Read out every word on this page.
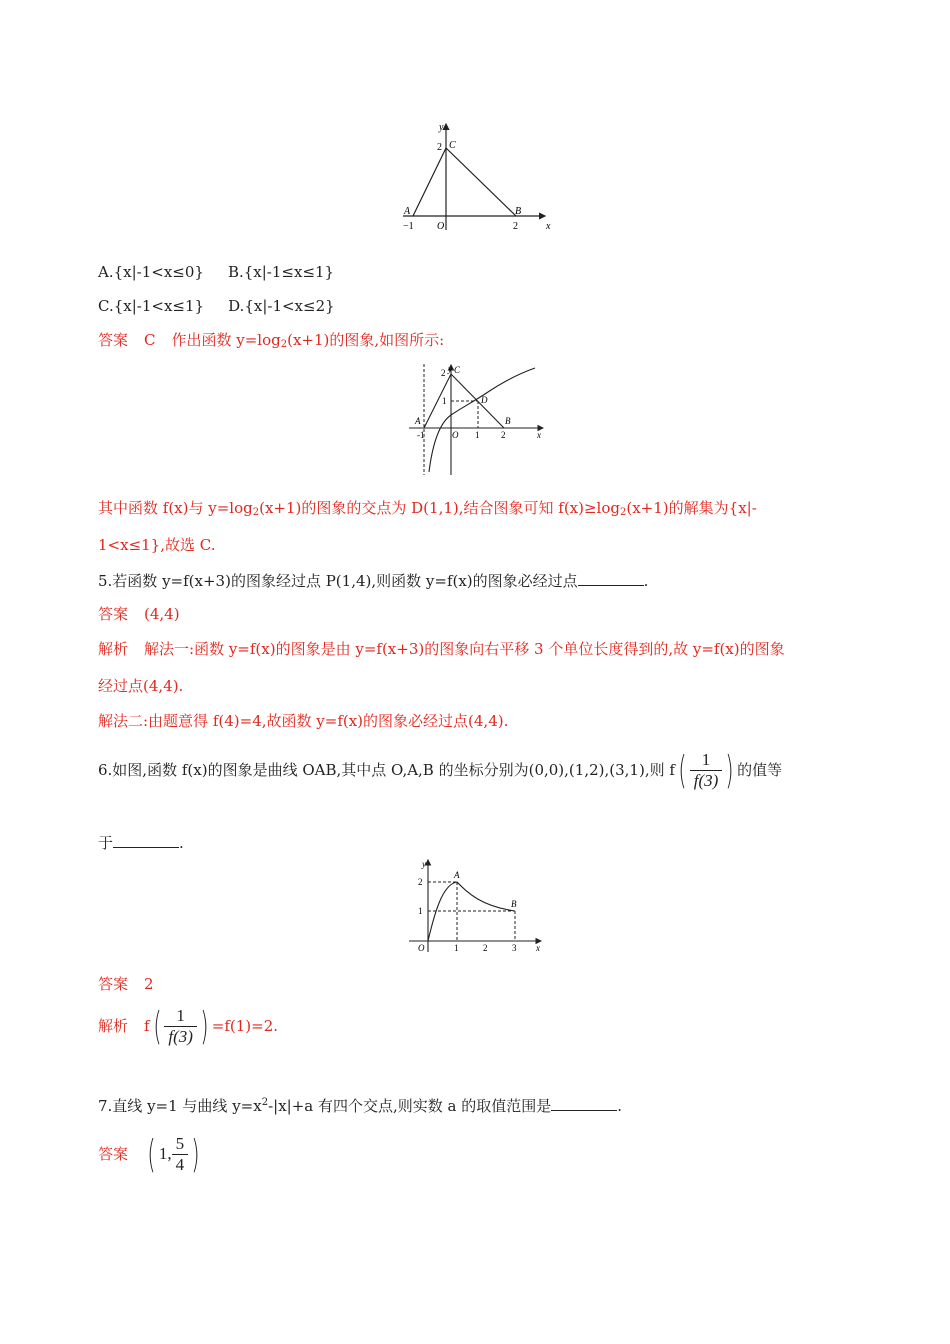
y
x
2 C
A	B
−1 O	2
A.{x|-1<x≤0} B.{x|-1≤x≤1}
C.{x|-1<x≤1} D.{x|-1<x≤2}
答案 C 作出函数 $y=\log_2(x+1)$的图象,如图所示:
y
x
2
1
C
A
D
B
-1	O 1 2
其中函数 f(x)与 $y=\log_2(x+1)$的图象的交点为 D(1,1),结合图象可知 $f(x)\ge\log_2(x+1)$的解集为{x|-
1<x≤1},故选 C.
5.若函数 y=f(x+3)的图象经过点 P(1,4),则函数 y=f(x)的图象必经过点	.
答案 (4,4)
解析 解法一:函数 y=f(x)的图象是由 y=f(x+3)的图象向右平移 3 个单位长度得到的,故 y=f(x)的图象
经过点(4,4).
解法二:由题意得 f(4)=4,故函数 y=f(x)的图象必经过点(4,4).
6.如图,函数 f(x)的图象是曲线 OAB,其中点 O,A,B 的坐标分别为(0,0),(1,2),(3,1),则 $f( \frac{1}{f(3)}$ ) 的值等
于	.
y
x
2
1
A
B
O	1	2	3
答案 2
解析 $f( \frac{1}{f(3)}$ ) =f(1)=2.
7.直线 y=1 与曲线 $y=x^2-|x|+a$ 有四个交点,则实数 a 的取值范围是	.
答案 ( 1, $\frac{5}{4}$ )
